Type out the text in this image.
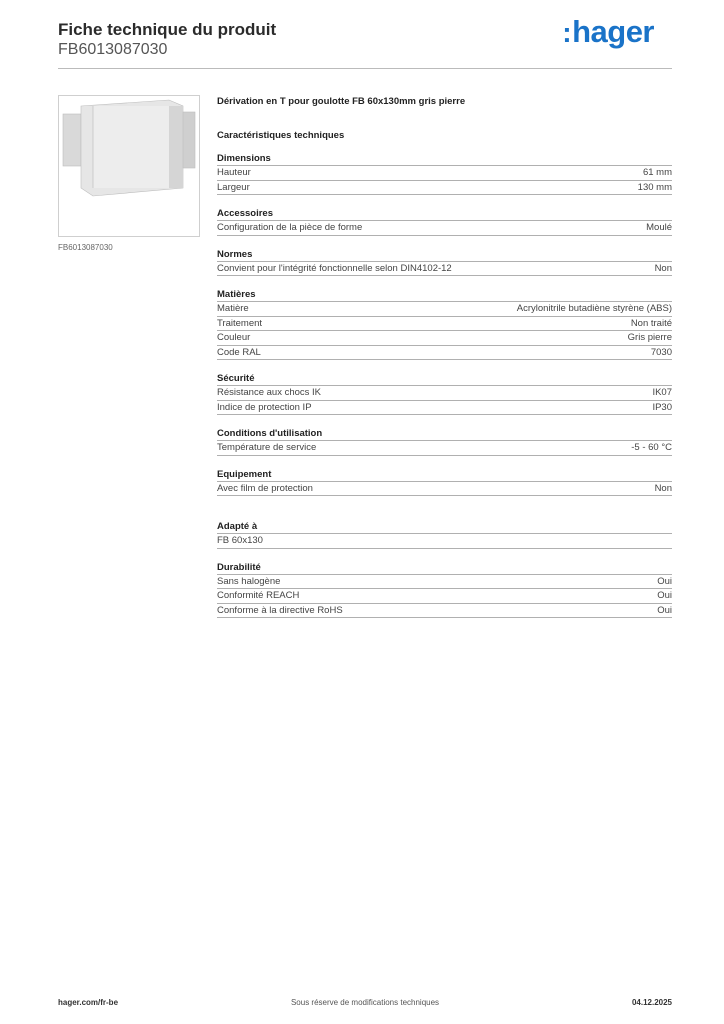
Fiche technique du produit
FB6013087030
:hager
FB6013087030
Dérivation en T pour goulotte FB 60x130mm gris pierre
Caractéristiques techniques
Dimensions
Hauteur	61 mm
Largeur	130 mm
Accessoires
Configuration de la pièce de forme	Moulé
Normes
Convient pour l'intégrité fonctionnelle selon DIN4102-12	Non
Matières
Matière	Acrylonitrile butadiène styrène (ABS)
Traitement	Non traité
Couleur	Gris pierre
Code RAL	7030
Sécurité
Résistance aux chocs IK	IK07
Indice de protection IP	IP30
Conditions d'utilisation
Température de service	-5 - 60 °C
Equipement
Avec film de protection	Non
Adapté à
FB 60x130
Durabilité
Sans halogène	Oui
Conformité REACH	Oui
Conforme à la directive RoHS	Oui
hager.com/fr-be	Sous réserve de modifications techniques	04.12.2025
